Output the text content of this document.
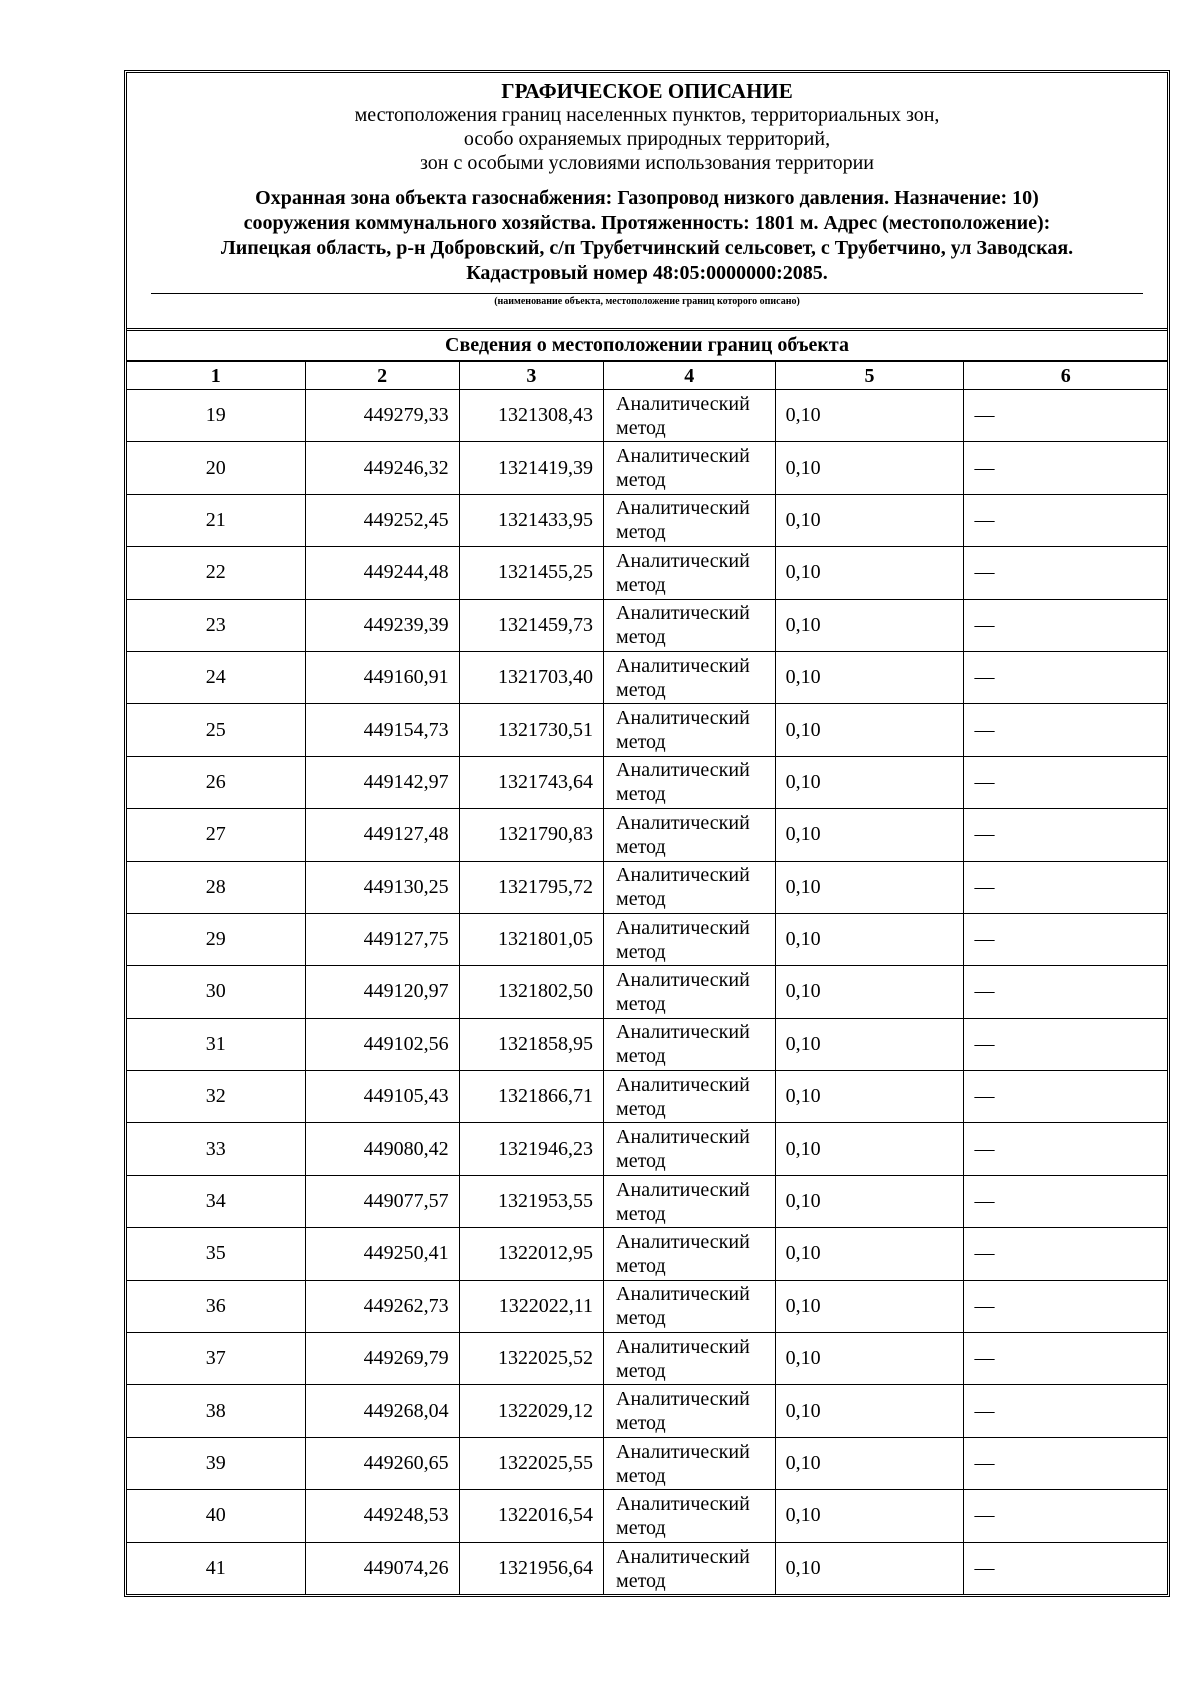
ГРАФИЧЕСКОЕ ОПИСАНИЕ
местоположения границ населенных пунктов, территориальных зон,
особо охраняемых природных территорий,
зон с особыми условиями использования территории
Охранная зона объекта газоснабжения: Газопровод низкого давления. Назначение: 10)
сооружения коммунального хозяйства. Протяженность: 1801 м. Адрес (местоположение):
Липецкая область, р-н Добровский, с/п Трубетчинский сельсовет, с Трубетчино, ул Заводская.
Кадастровый номер 48:05:0000000:2085.
(наименование объекта, местоположение границ которого описано)
Сведения о местоположении границ объекта
1	2	3	4	5	6
19	449279,33	1321308,43	Аналитический метод	0,10	—
20	449246,32	1321419,39	Аналитический метод	0,10	—
21	449252,45	1321433,95	Аналитический метод	0,10	—
22	449244,48	1321455,25	Аналитический метод	0,10	—
23	449239,39	1321459,73	Аналитический метод	0,10	—
24	449160,91	1321703,40	Аналитический метод	0,10	—
25	449154,73	1321730,51	Аналитический метод	0,10	—
26	449142,97	1321743,64	Аналитический метод	0,10	—
27	449127,48	1321790,83	Аналитический метод	0,10	—
28	449130,25	1321795,72	Аналитический метод	0,10	—
29	449127,75	1321801,05	Аналитический метод	0,10	—
30	449120,97	1321802,50	Аналитический метод	0,10	—
31	449102,56	1321858,95	Аналитический метод	0,10	—
32	449105,43	1321866,71	Аналитический метод	0,10	—
33	449080,42	1321946,23	Аналитический метод	0,10	—
34	449077,57	1321953,55	Аналитический метод	0,10	—
35	449250,41	1322012,95	Аналитический метод	0,10	—
36	449262,73	1322022,11	Аналитический метод	0,10	—
37	449269,79	1322025,52	Аналитический метод	0,10	—
38	449268,04	1322029,12	Аналитический метод	0,10	—
39	449260,65	1322025,55	Аналитический метод	0,10	—
40	449248,53	1322016,54	Аналитический метод	0,10	—
41	449074,26	1321956,64	Аналитический метод	0,10	—
